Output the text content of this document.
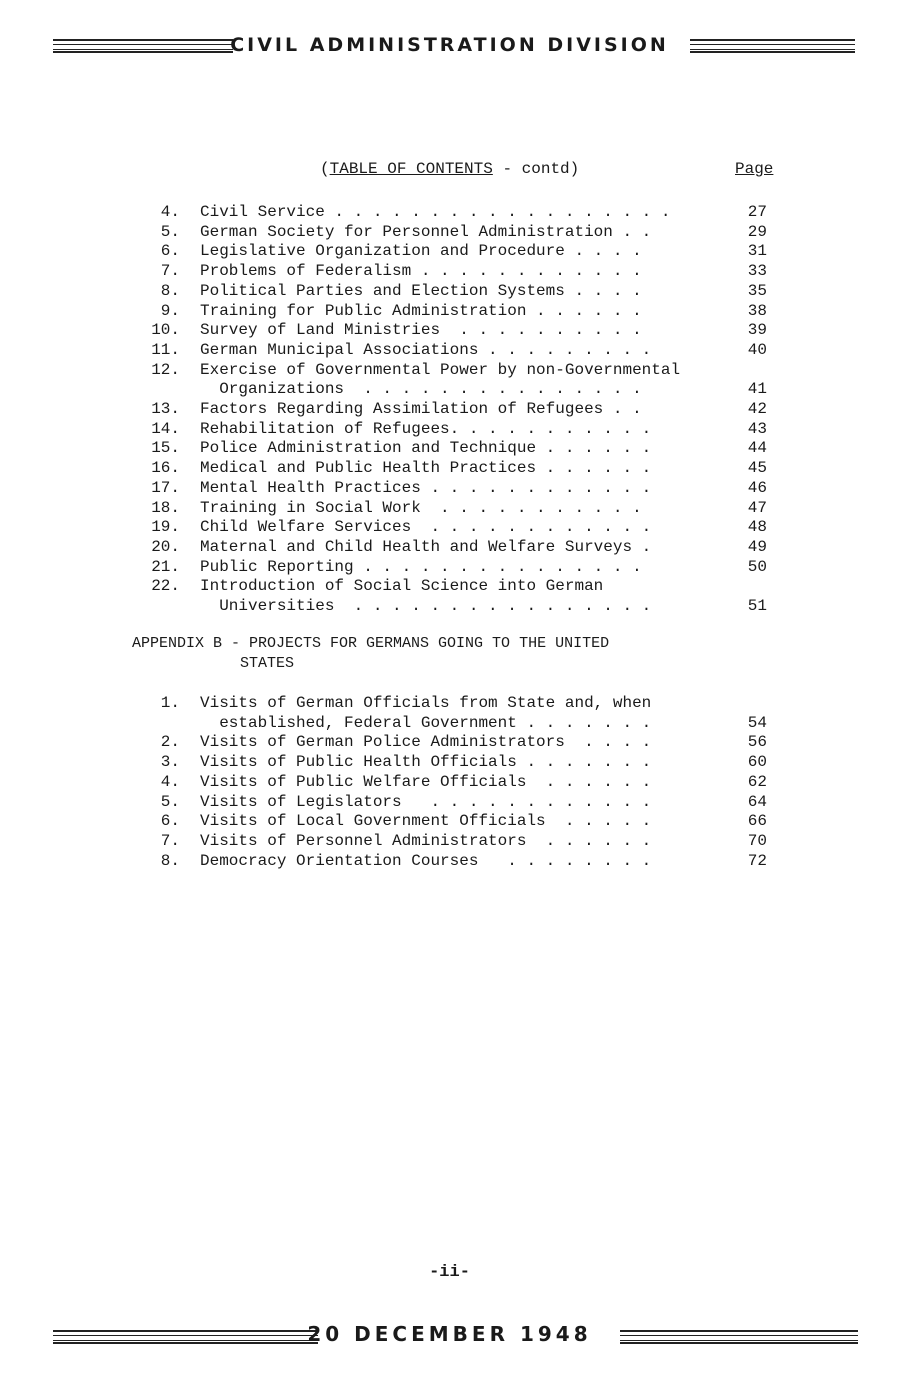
CIVIL ADMINISTRATION DIVISION
(TABLE OF CONTENTS - contd)	Page
4. Civil Service . . . . . . . . . . . . . . . . . .	27
5. German Society for Personnel Administration . .	29
6. Legislative Organization and Procedure . . . .	31
7. Problems of Federalism . . . . . . . . . . . .	33
8. Political Parties and Election Systems . . . .	35
9. Training for Public Administration . . . . . .	38
10. Survey of Land Ministries  . . . . . . . . . .	39
11. German Municipal Associations . . . . . . . . .	40
12. Exercise of Governmental Power by non-Governmental
Organizations  . . . . . . . . . . . . . . .	41
13. Factors Regarding Assimilation of Refugees . .	42
14. Rehabilitation of Refugees. . . . . . . . . . .	43
15. Police Administration and Technique . . . . . .	44
16. Medical and Public Health Practices . . . . . .	45
17. Mental Health Practices . . . . . . . . . . . .	46
18. Training in Social Work  . . . . . . . . . . .	47
19. Child Welfare Services  . . . . . . . . . . . .	48
20. Maternal and Child Health and Welfare Surveys .	49
21. Public Reporting . . . . . . . . . . . . . . .	50
22. Introduction of Social Science into German
Universities  . . . . . . . . . . . . . . . .	51
APPENDIX B - PROJECTS FOR GERMANS GOING TO THE UNITED
STATES
1. Visits of German Officials from State and, when
established, Federal Government . . . . . . .	54
2. Visits of German Police Administrators  . . . .	56
3. Visits of Public Health Officials . . . . . . .	60
4. Visits of Public Welfare Officials  . . . . . .	62
5. Visits of Legislators   . . . . . . . . . . . .	64
6. Visits of Local Government Officials  . . . . .	66
7. Visits of Personnel Administrators  . . . . . .	70
8. Democracy Orientation Courses   . . . . . . . .	72
-ii-
20 DECEMBER 1948
